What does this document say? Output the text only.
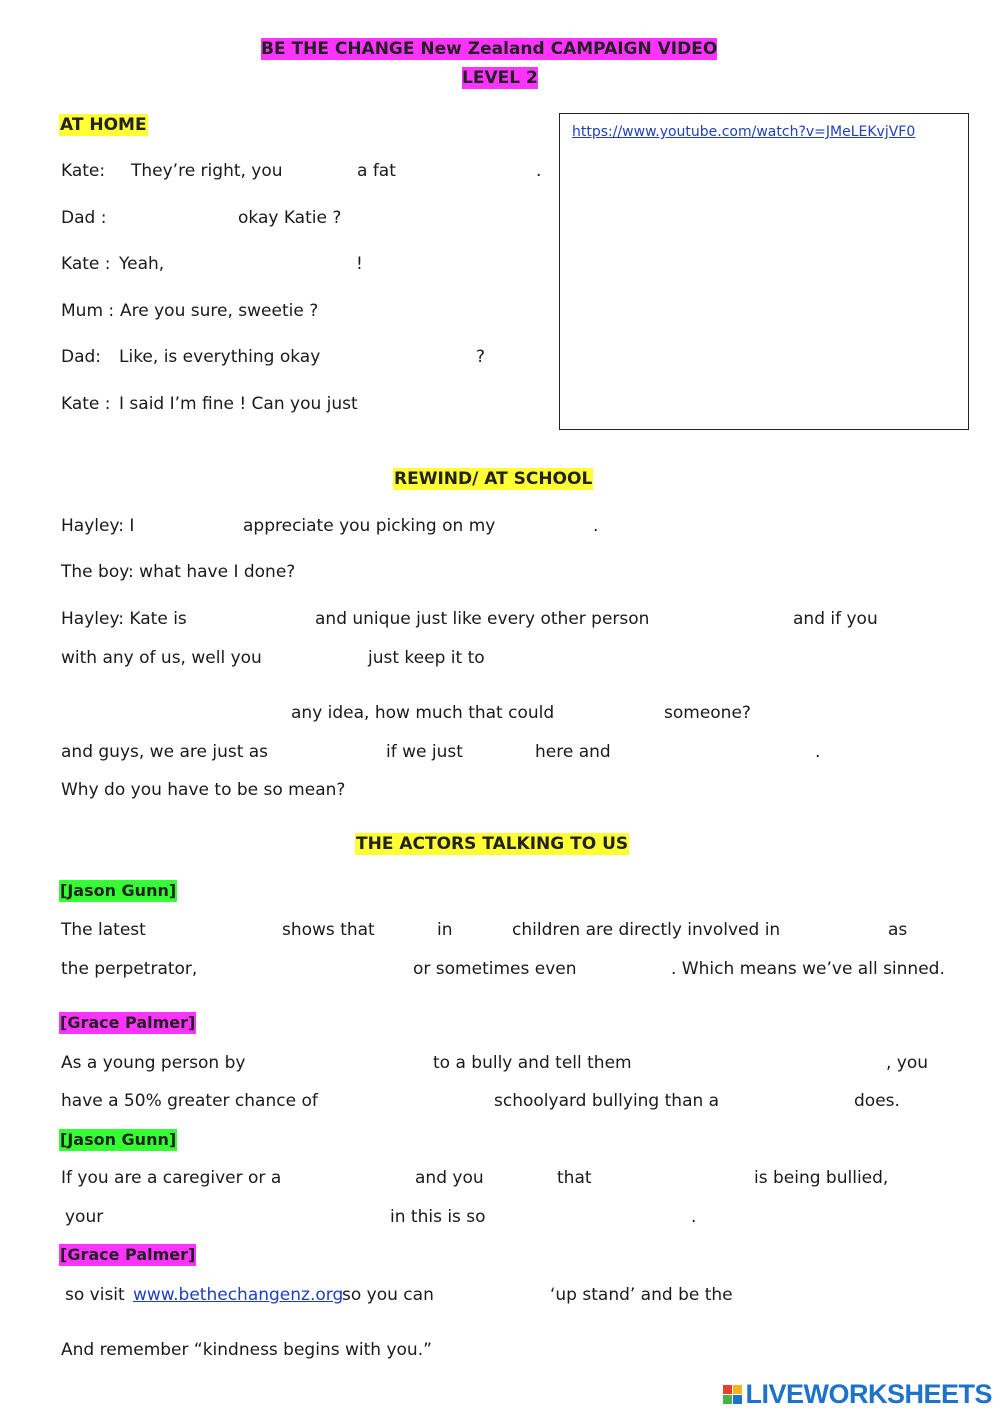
BE THE CHANGE New Zealand CAMPAIGN VIDEO
LEVEL 2
https://www.youtube.com/watch?v=JMeLEKvjVF0
AT HOME
Kate: They’re right, you	a fat	.
Dad :	okay Katie ?
Kate : Yeah,	!
Mum : Are you sure, sweetie ?
Dad: Like, is everything okay	?
Kate : I said I’m fine ! Can you just
REWIND/ AT SCHOOL
Hayley: I	appreciate you picking on my	.
The boy: what have I done?
Hayley: Kate is	and unique just like every other person	and if you
with any of us, well you	just keep it to
any idea, how much that could	someone?
and guys, we are just as	if we just	here and	.
Why do you have to be so mean?
THE ACTORS TALKING TO US
[Jason Gunn]
The latest	shows that	in	children are directly involved in	as
the perpetrator,	or sometimes even	. Which means we’ve all sinned.
[Grace Palmer]
As a young person by	to a bully and tell them	, you
have a 50% greater chance of	schoolyard bullying than a	does.
[Jason Gunn]
If you are a caregiver or a	and you	that	is being bullied,
your	in this is so	.
[Grace Palmer]
so visit www.bethechangenz.org
so you can	‘up stand’ and be the
And remember “kindness begins with you.”
LIVEWORKSHEETS
